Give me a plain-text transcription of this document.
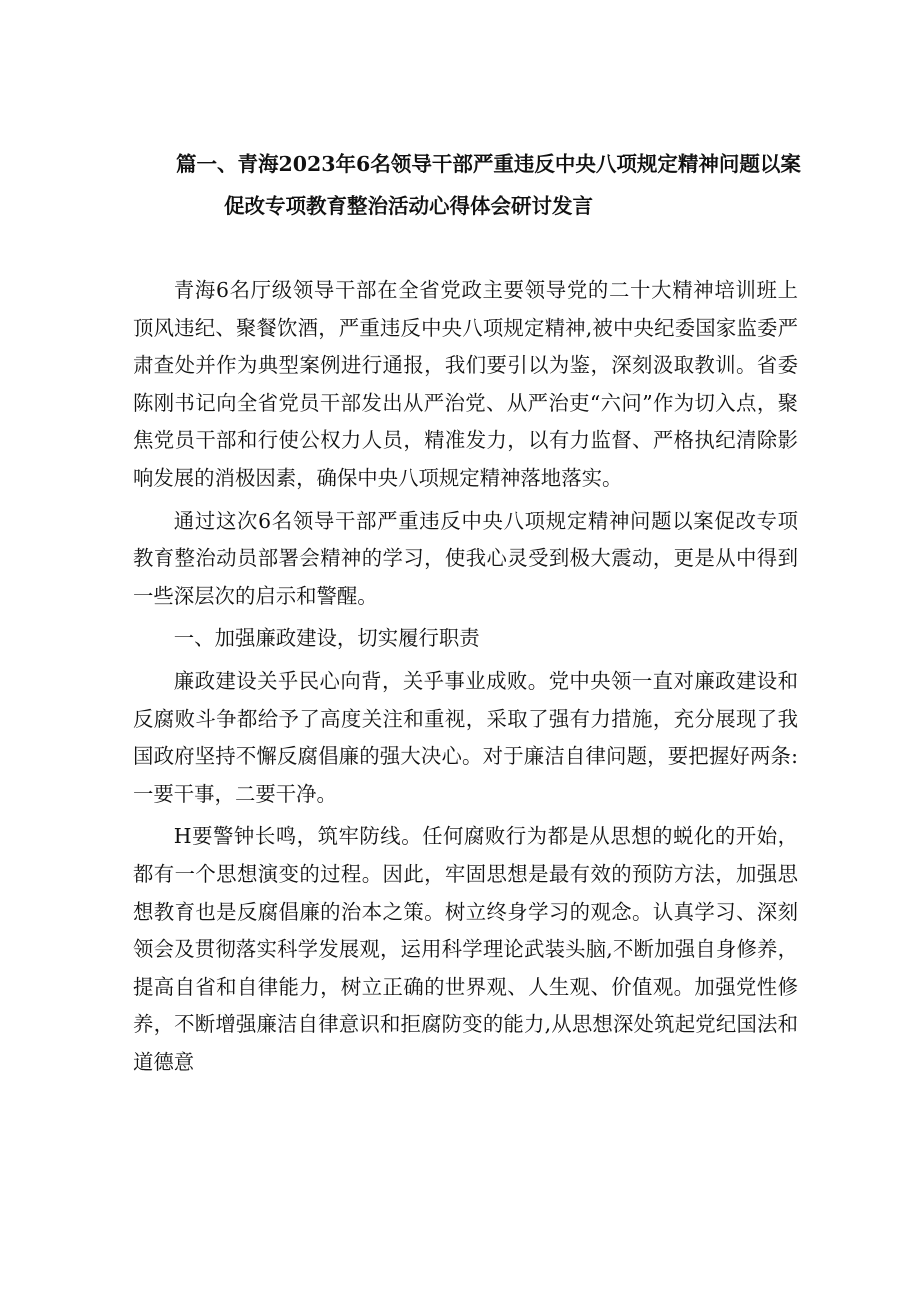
篇一、青海2023年6名领导干部严重违反中央八项规定精神问题以案
促改专项教育整治活动心得体会研讨发言

青海6名厅级领导干部在全省党政主要领导党的二十大精神培训班上顶风违纪、聚餐饮酒，严重违反中央八项规定精神,被中央纪委国家监委严肃查处并作为典型案例进行通报，我们要引以为鉴，深刻汲取教训。省委陈刚书记向全省党员干部发出从严治党、从严治吏“六问”作为切入点，聚焦党员干部和行使公权力人员，精准发力，以有力监督、严格执纪清除影响发展的消极因素，确保中央八项规定精神落地落实。

通过这次6名领导干部严重违反中央八项规定精神问题以案促改专项教育整治动员部署会精神的学习，使我心灵受到极大震动，更是从中得到一些深层次的启示和警醒。

一、加强廉政建设，切实履行职责

廉政建设关乎民心向背，关乎事业成败。党中央领一直对廉政建设和反腐败斗争都给予了高度关注和重视，采取了强有力措施，充分展现了我国政府坚持不懈反腐倡廉的强大决心。对于廉洁自律问题，要把握好两条:一要干事，二要干净。

H要警钟长鸣，筑牢防线。任何腐败行为都是从思想的蜕化的开始，都有一个思想演变的过程。因此，牢固思想是最有效的预防方法，加强思想教育也是反腐倡廉的治本之策。树立终身学习的观念。认真学习、深刻领会及贯彻落实科学发展观，运用科学理论武装头脑,不断加强自身修养，提高自省和自律能力，树立正确的世界观、人生观、价值观。加强党性修养，不断增强廉洁自律意识和拒腐防变的能力,从思想深处筑起党纪国法和道德意
